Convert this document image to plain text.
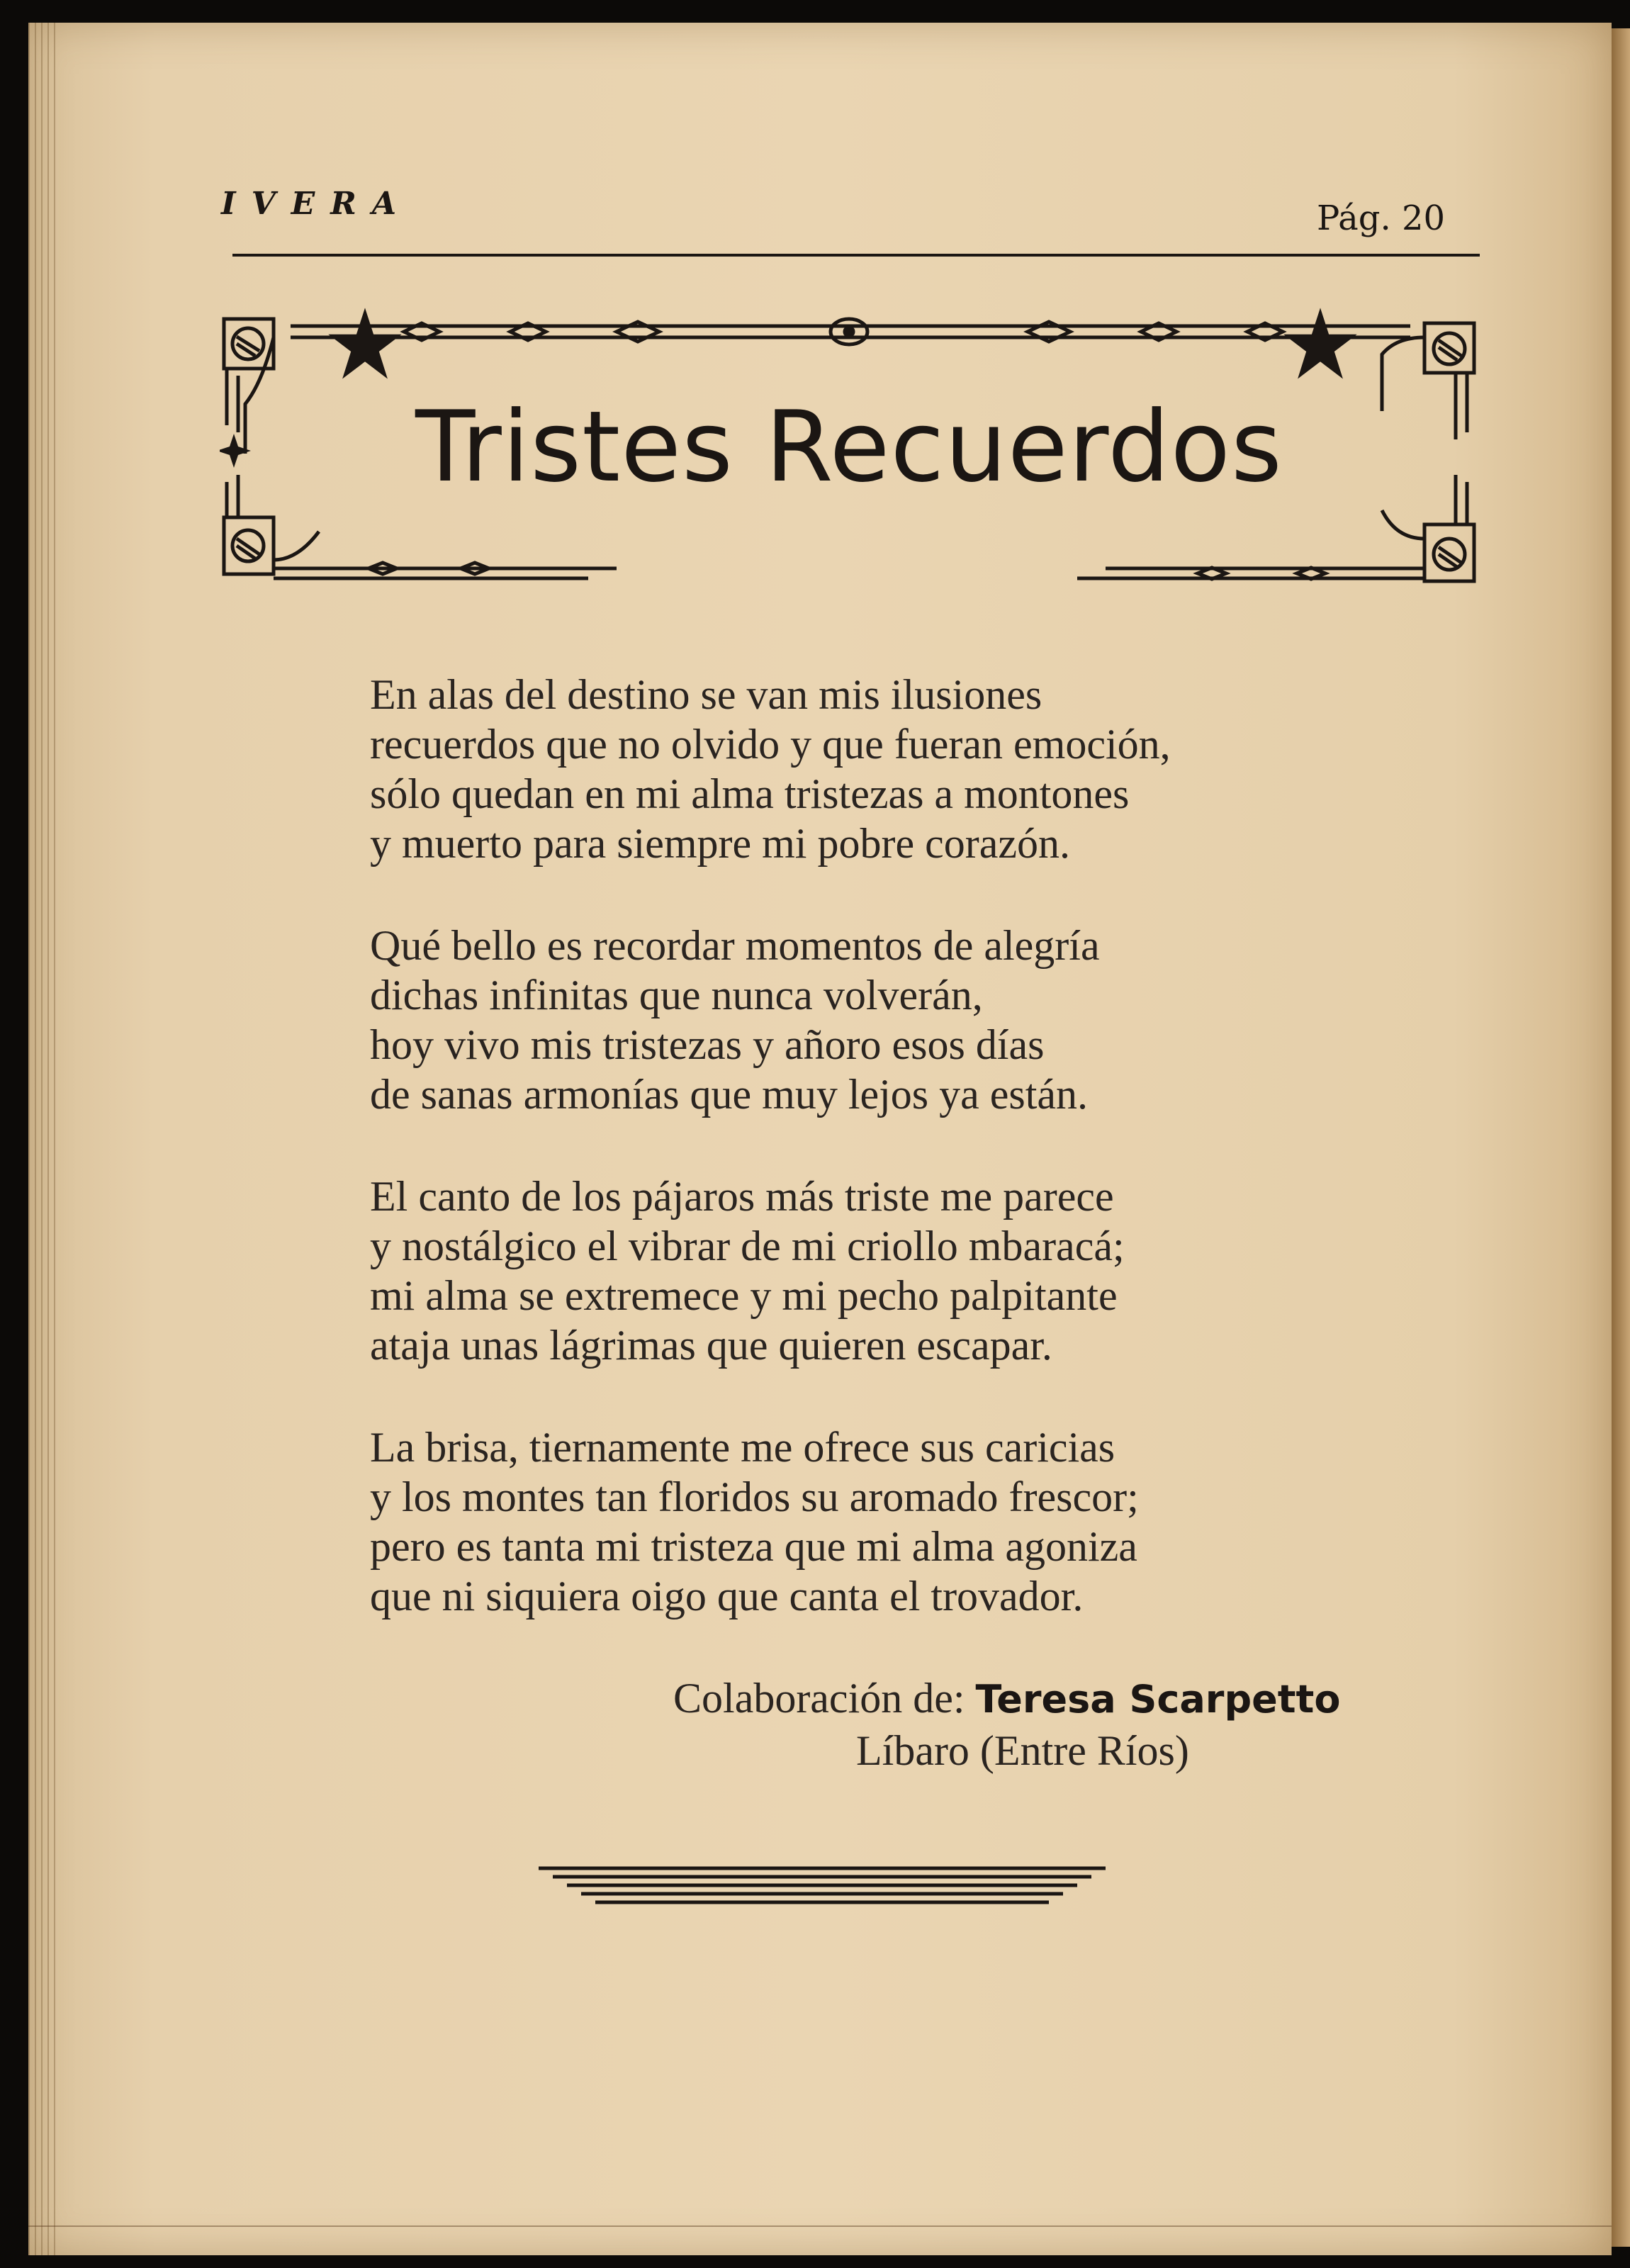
IVERA	Pág. 20
Tristes Recuerdos
En alas del destino se van mis ilusiones
recuerdos que no olvido y que fueran emoción,
sólo quedan en mi alma tristezas a montones
y muerto para siempre mi pobre corazón.
Qué bello es recordar momentos de alegría
dichas infinitas que nunca volverán,
hoy vivo mis tristezas y añoro esos días
de sanas armonías que muy lejos ya están.
El canto de los pájaros más triste me parece
y nostálgico el vibrar de mi criollo mbaracá;
mi alma se extremece y mi pecho palpitante
ataja unas lágrimas que quieren escapar.
La brisa, tiernamente me ofrece sus caricias
y los montes tan floridos su aromado frescor;
pero es tanta mi tristeza que mi alma agoniza
que ni siquiera oigo que canta el trovador.
Colaboración de: Teresa Scarpetto
Líbaro (Entre Ríos)
